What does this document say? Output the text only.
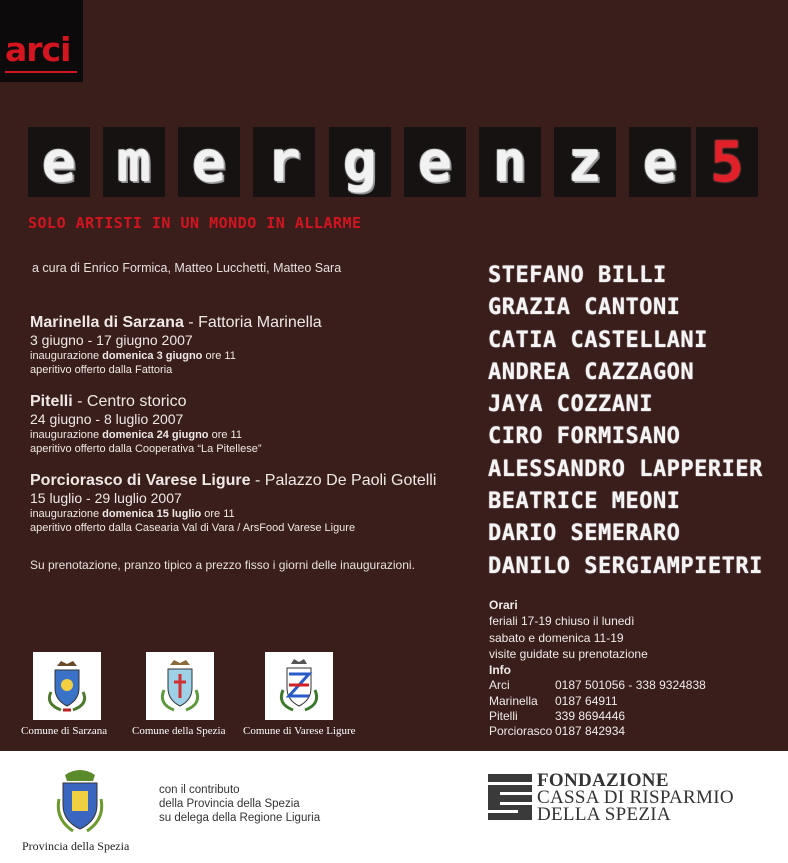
arci
e m e r g e n z e 5
SOLO ARTISTI IN UN MONDO IN ALLARME
a cura di Enrico Formica, Matteo Lucchetti, Matteo Sara
Marinella di Sarzana - Fattoria Marinella
3 giugno - 17 giugno 2007
inaugurazione domenica 3 giugno ore 11
aperitivo offerto dalla Fattoria
Pitelli - Centro storico
24 giugno - 8 luglio 2007
inaugurazione domenica 24 giugno ore 11
aperitivo offerto dalla Cooperativa “La Pitellese”
Porciorasco di Varese Ligure - Palazzo De Paoli Gotelli
15 luglio - 29 luglio 2007
inaugurazione domenica 15 luglio ore 11
aperitivo offerto dalla Casearia Val di Vara / ArsFood Varese Ligure
Su prenotazione, pranzo tipico a prezzo fisso i giorni delle inaugurazioni.
STEFANO BILLI
GRAZIA CANTONI
CATIA CASTELLANI
ANDREA CAZZAGON
JAYA COZZANI
CIRO FORMISANO
ALESSANDRO LAPPERIER
BEATRICE MEONI
DARIO SEMERARO
DANILO SERGIAMPIETRI
Orari
feriali 17-19 chiuso il lunedì
sabato e domenica 11-19
visite guidate su prenotazione
Info
Arci	0187 501056 - 338 9324838
Marinella	0187 64911
Pitelli	339 8694446
Porciorasco	0187 842934
Comune di Sarzana Comune della Spezia Comune di Varese Ligure
Provincia della Spezia
con il contributo
della Provincia della Spezia
su delega della Regione Liguria
FONDAZIONE
CASSA DI RISPARMIO
DELLA SPEZIA
